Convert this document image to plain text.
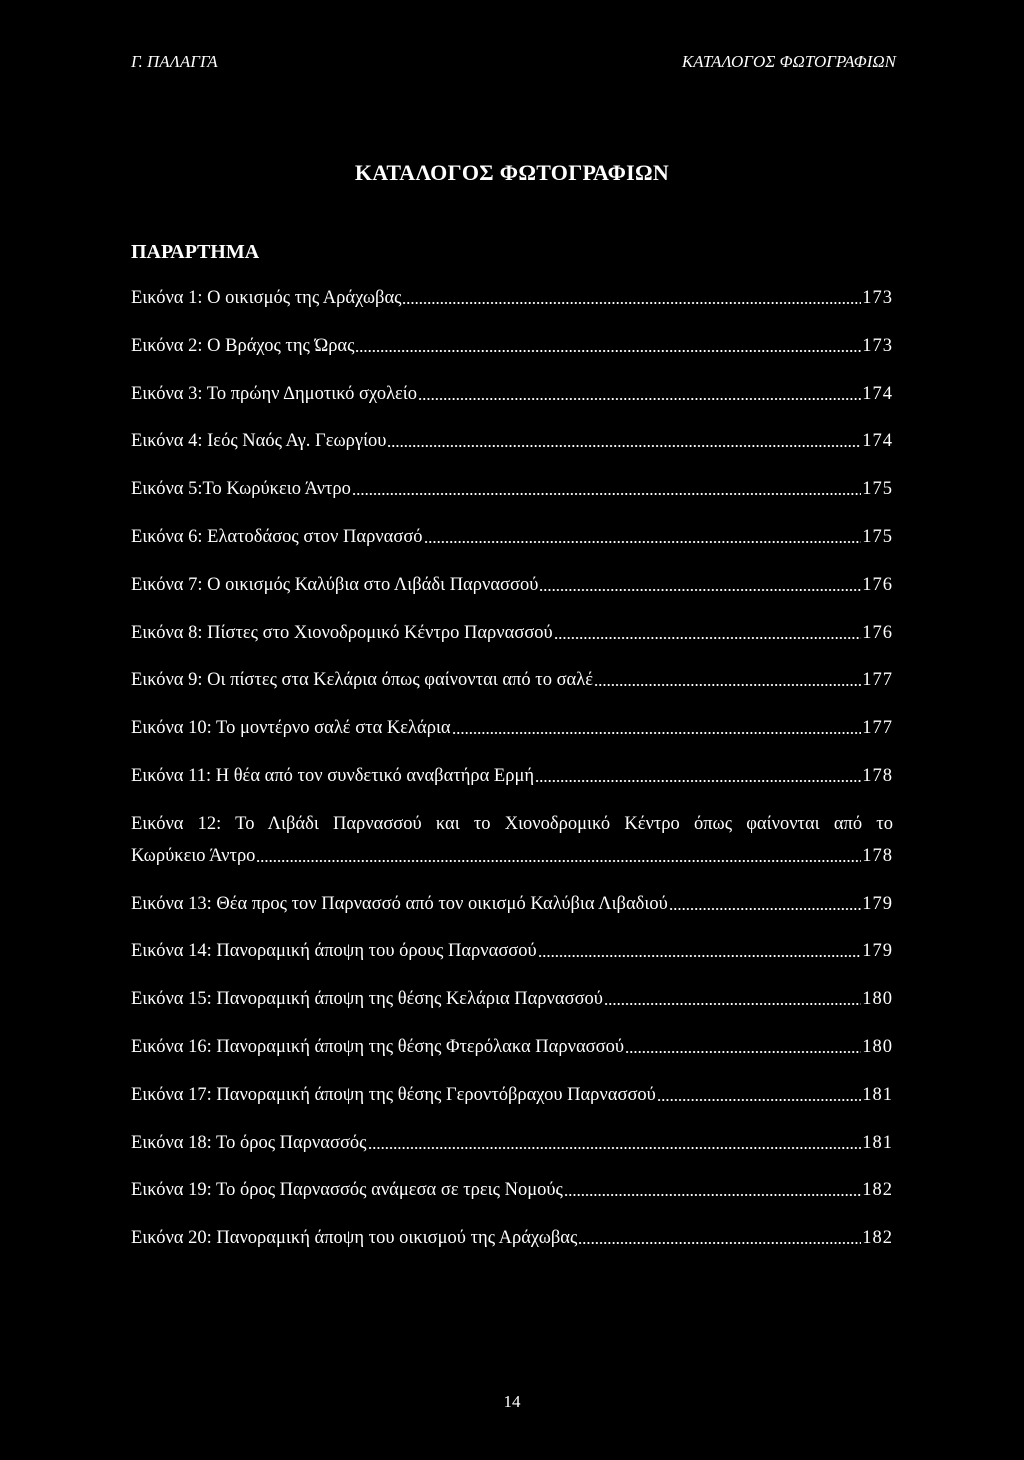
Γ. ΠΑΛΑΓΓΑ	ΚΑΤΑΛΟΓΟΣ ΦΩΤΟΓΡΑΦΙΩΝ
ΚΑΤΑΛΟΓΟΣ ΦΩΤΟΓΡΑΦΙΩΝ
ΠΑΡΑΡΤΗΜΑ
Εικόνα 1: Ο οικισμός της Αράχωβας	173
Εικόνα 2: Ο Βράχος της Ώρας	173
Εικόνα 3: Το πρώην Δημοτικό σχολείο	174
Εικόνα 4: Ιεός Ναός Αγ. Γεωργίου	174
Εικόνα 5:Το Κωρύκειο Άντρο	175
Εικόνα 6: Ελατοδάσος στον Παρνασσό	175
Εικόνα 7: Ο οικισμός Καλύβια στο Λιβάδι Παρνασσού	176
Εικόνα 8: Πίστες στο Χιονοδρομικό Κέντρο Παρνασσού	176
Εικόνα 9: Οι πίστες στα Κελάρια όπως φαίνονται από το σαλέ	177
Εικόνα 10: Το μοντέρνο σαλέ στα Κελάρια	177
Εικόνα 11: Η θέα από τον συνδετικό αναβατήρα Ερμή	178
Εικόνα 12: Το Λιβάδι Παρνασσού και το Χιονοδρομικό Κέντρο όπως φαίνονται από το
Κωρύκειο Άντρο	178
Εικόνα 13: Θέα προς τον Παρνασσό από τον οικισμό Καλύβια Λιβαδιού	179
Εικόνα 14: Πανοραμική άποψη του όρους Παρνασσού	179
Εικόνα 15: Πανοραμική άποψη της θέσης Κελάρια Παρνασσού	180
Εικόνα 16: Πανοραμική άποψη της θέσης Φτερόλακα Παρνασσού	180
Εικόνα 17: Πανοραμική άποψη της θέσης Γεροντόβραχου Παρνασσού	181
Εικόνα 18: Το όρος Παρνασσός	181
Εικόνα 19: Το όρος Παρνασσός ανάμεσα σε τρεις Νομούς	182
Εικόνα 20: Πανοραμική άποψη του οικισμού της Αράχωβας	182
14
